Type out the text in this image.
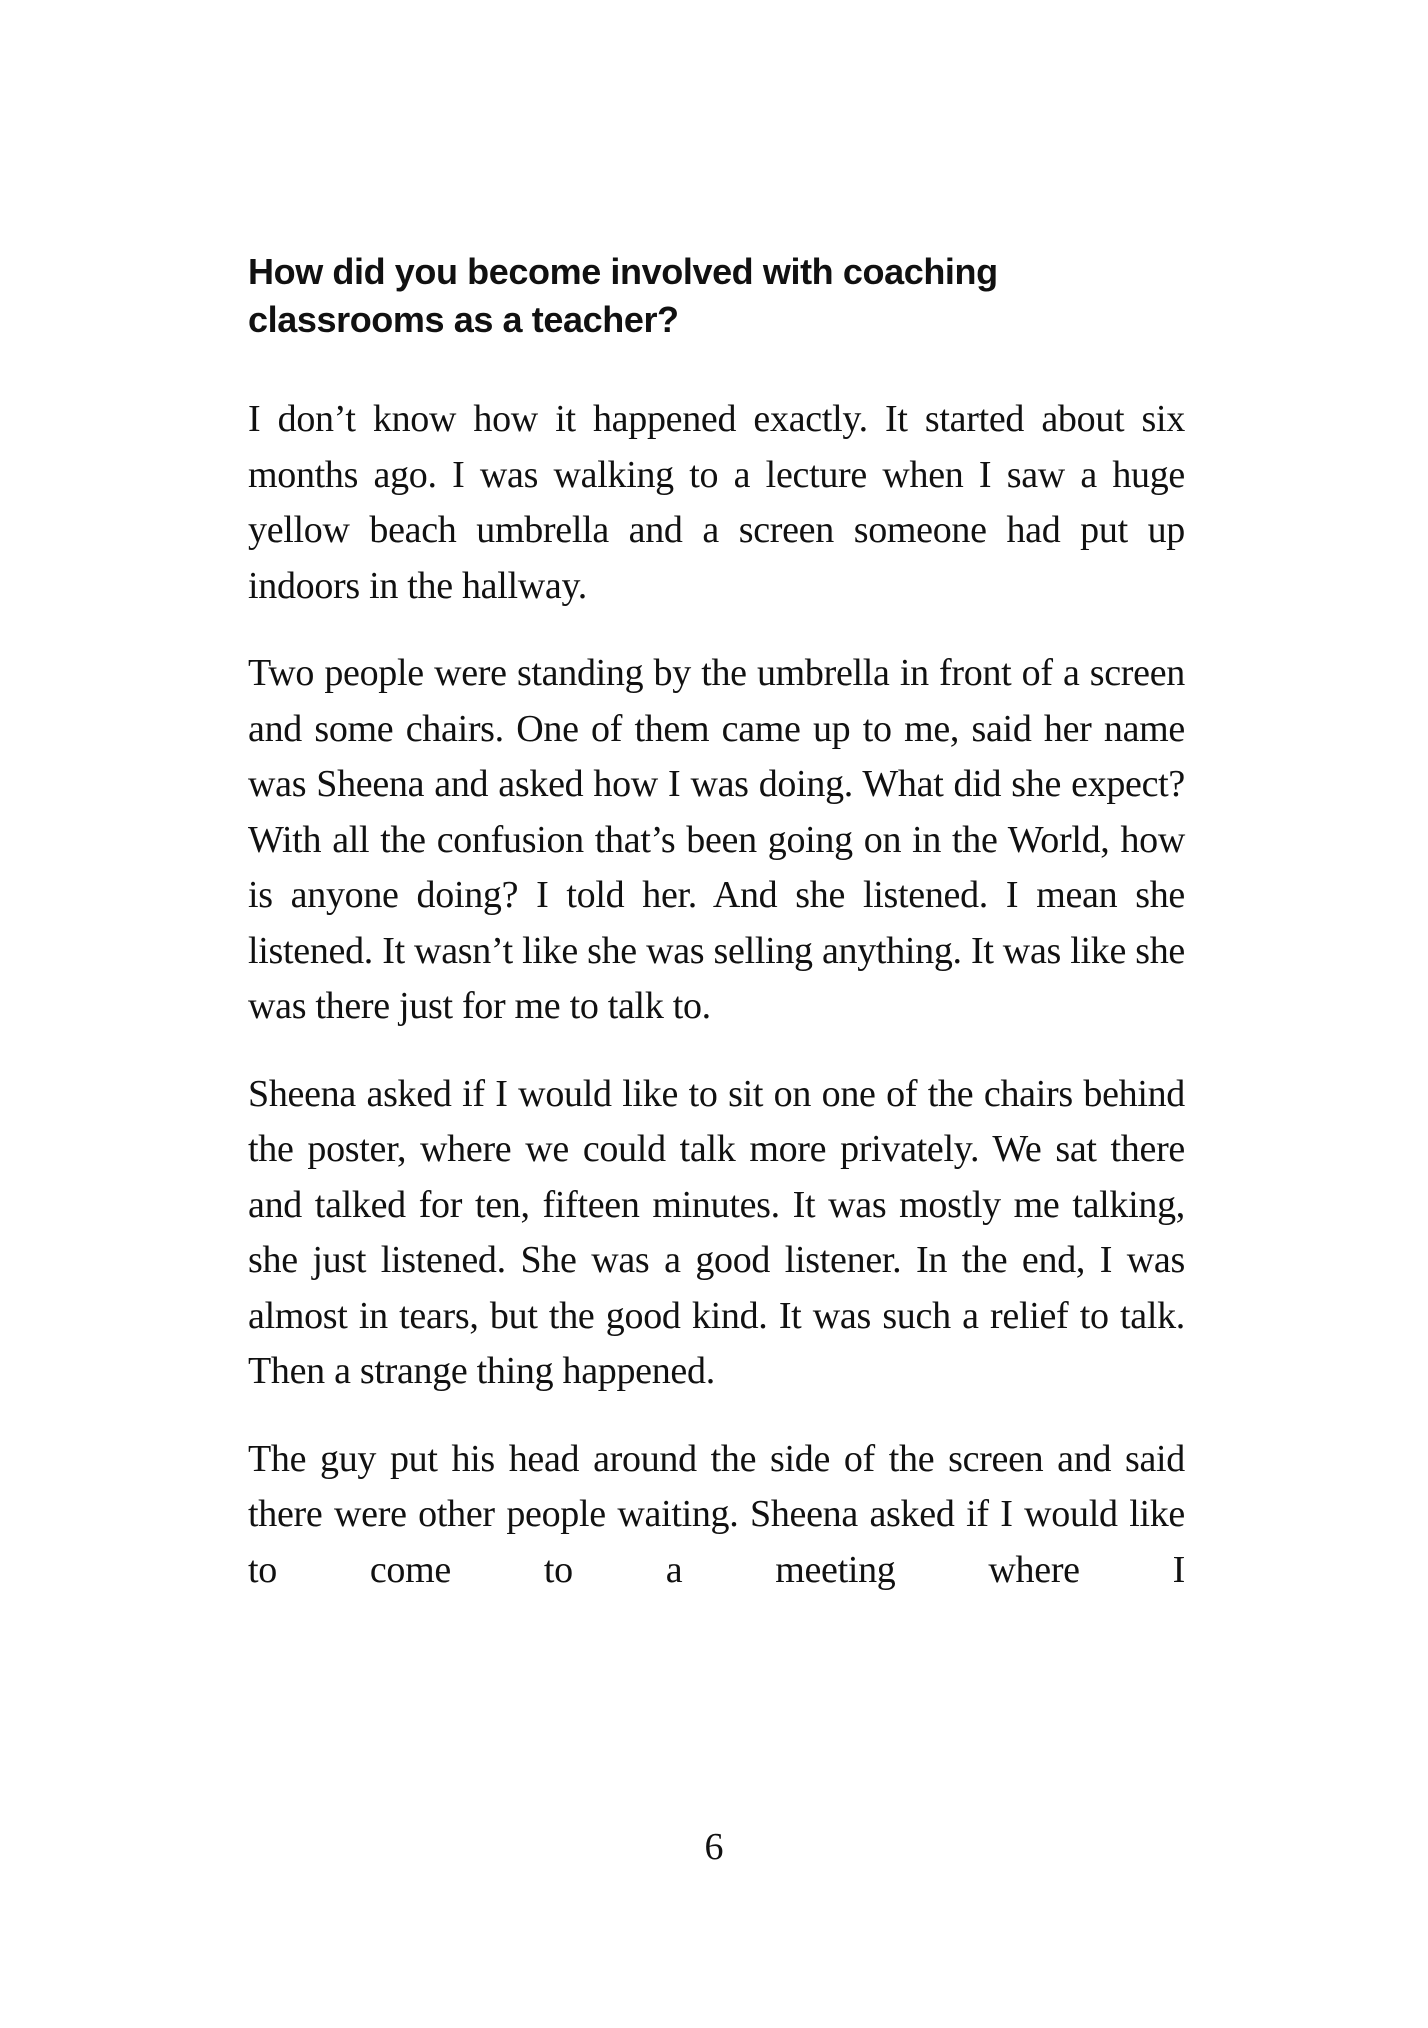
How did you become involved with coaching classrooms as a teacher?

I don’t know how it happened exactly. It started about six months ago. I was walking to a lecture when I saw a huge yellow beach umbrella and a screen someone had put up indoors in the hallway.

Two people were standing by the umbrella in front of a screen and some chairs. One of them came up to me, said her name was Sheena and asked how I was doing. What did she expect? With all the confusion that’s been going on in the World, how is anyone doing? I told her. And she listened. I mean she listened. It wasn’t like she was selling anything. It was like she was there just for me to talk to.

Sheena asked if I would like to sit on one of the chairs behind the poster, where we could talk more privately. We sat there and talked for ten, fifteen minutes. It was mostly me talking, she just listened. She was a good listener. In the end, I was almost in tears, but the good kind. It was such a relief to talk. Then a strange thing happened.

The guy put his head around the side of the screen and said there were other people waiting. Sheena asked if I would like to come to a meeting where I

6
